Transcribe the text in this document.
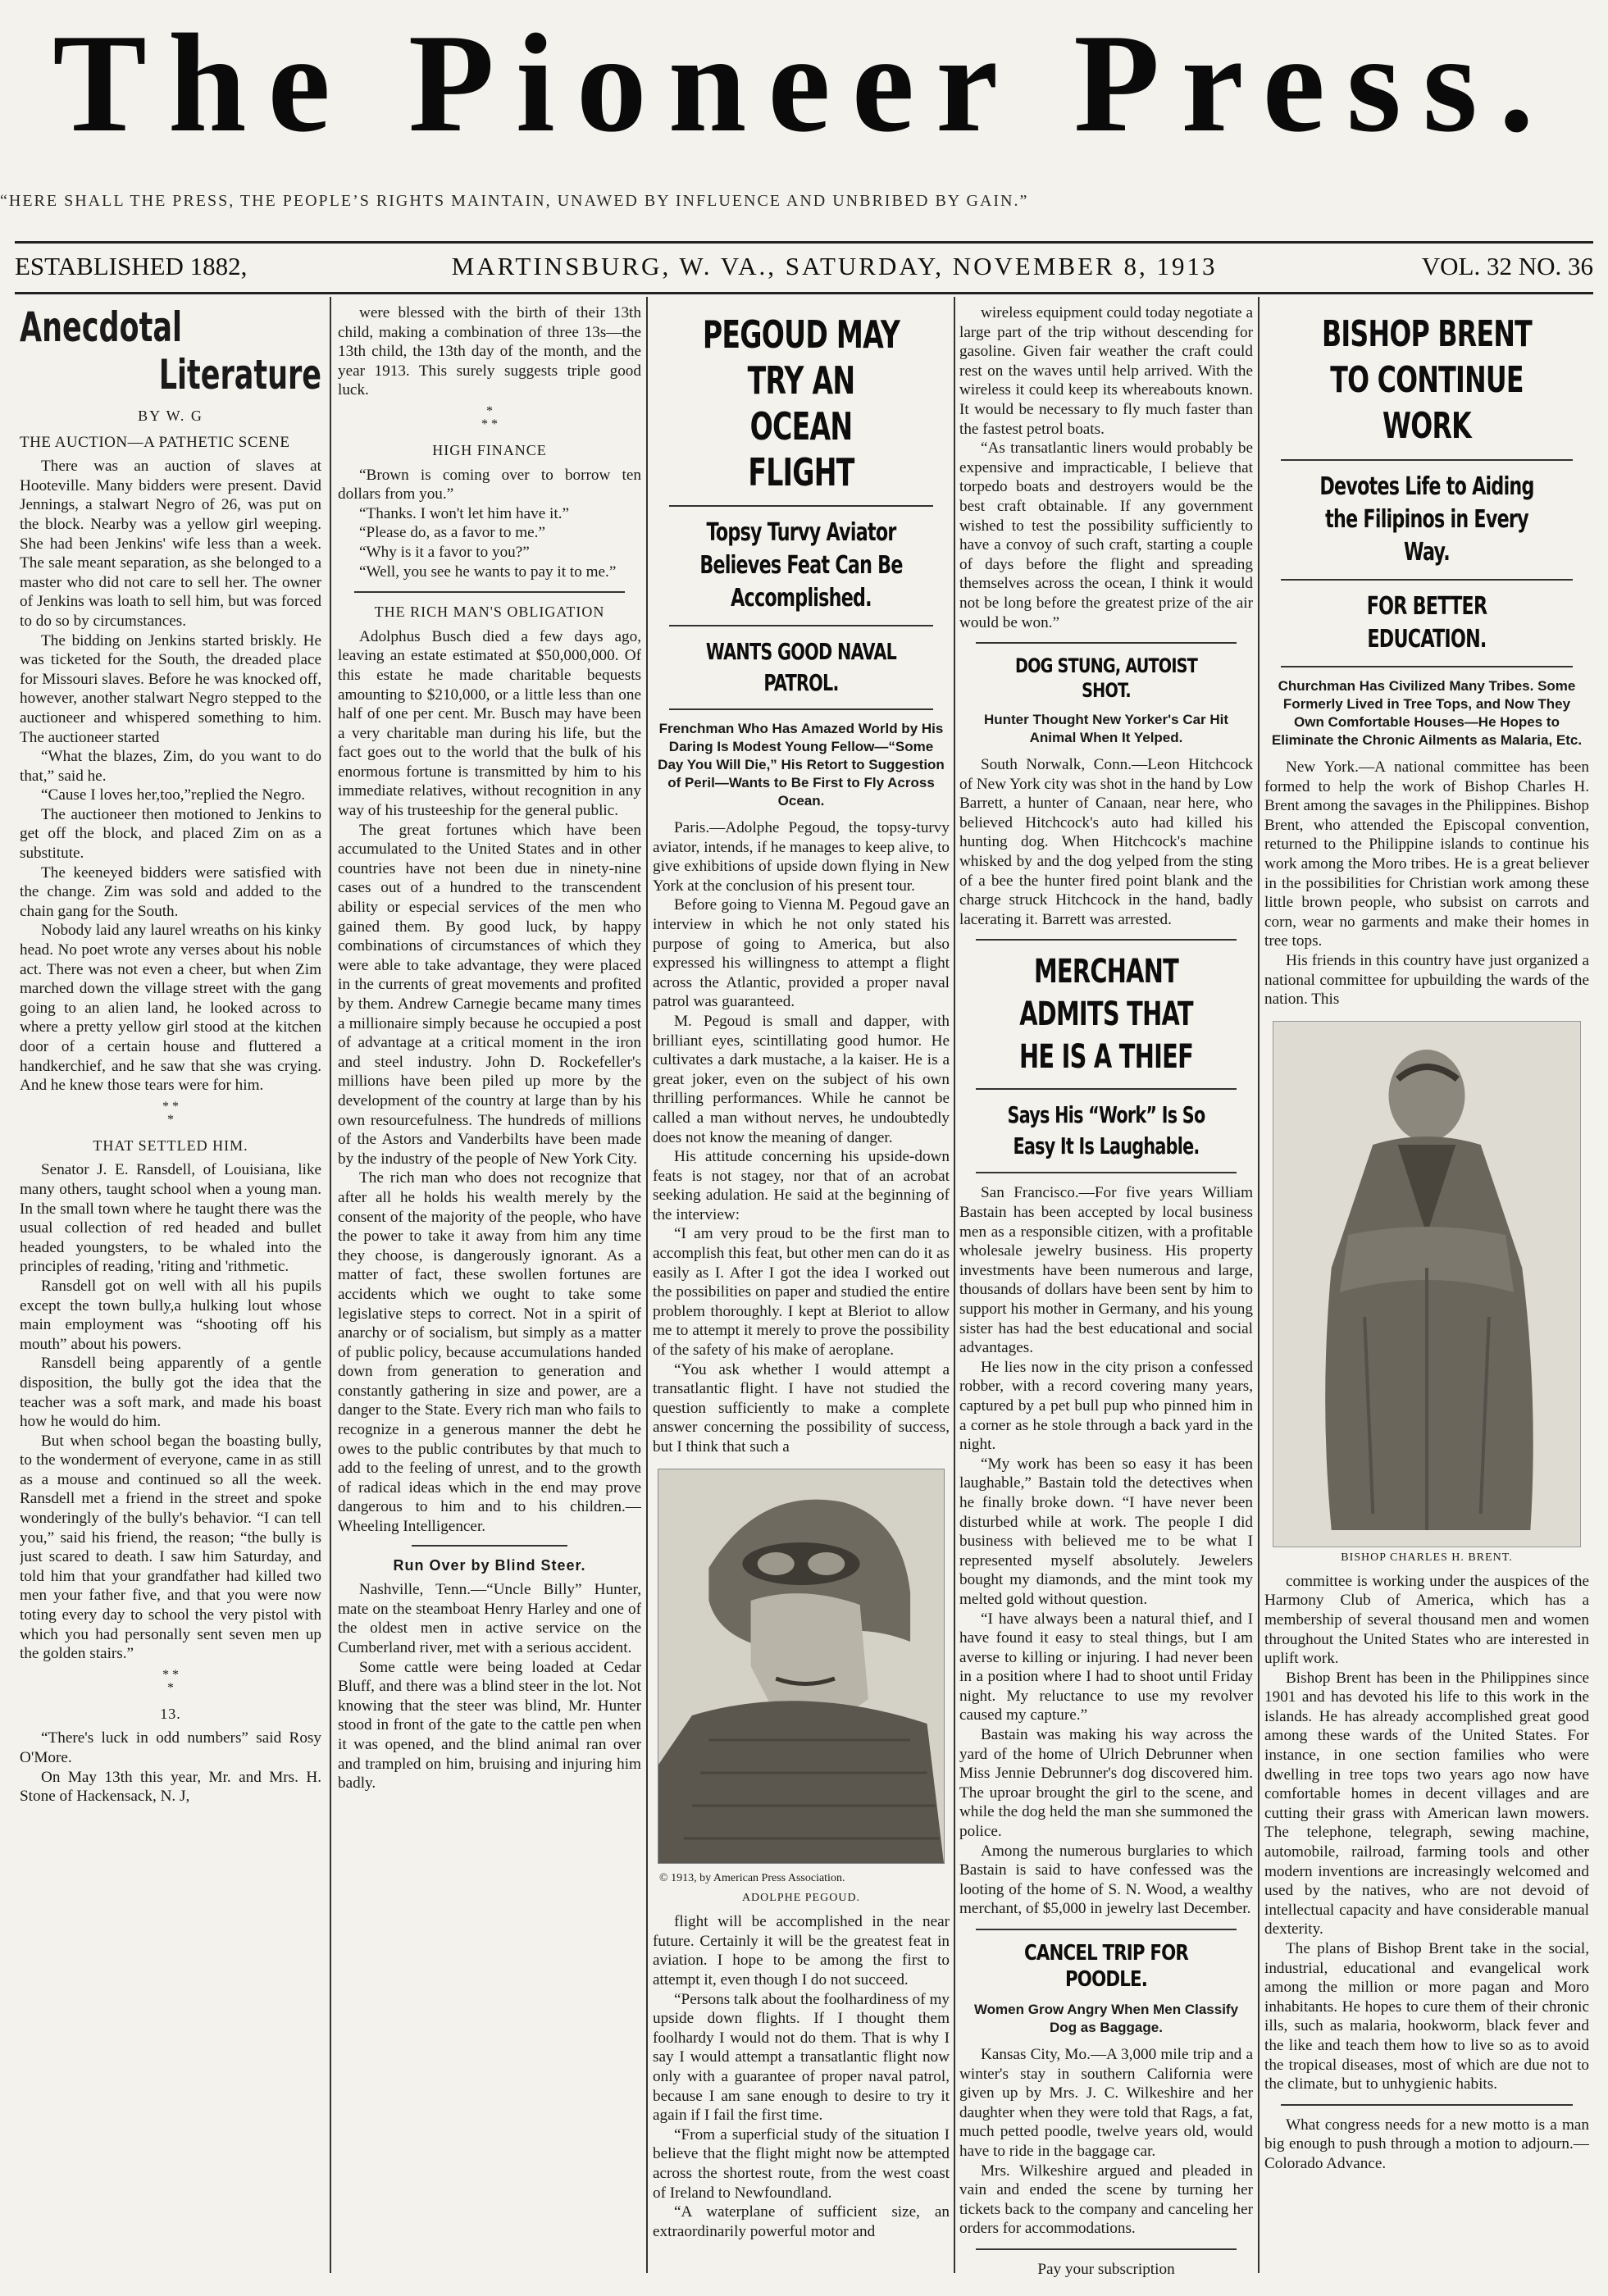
The Pioneer Press.
“HERE SHALL THE PRESS, THE PEOPLE’S RIGHTS MAINTAIN, UNAWED BY INFLUENCE AND UNBRIBED BY GAIN.”
ESTABLISHED 1882,	MARTINSBURG, W. VA., SATURDAY, NOVEMBER 8, 1913	VOL. 32 NO. 36
Anecdotal
Literature
BY W. G
THE AUCTION—A PATHETIC SCENE

There was an auction of slaves at Hooteville. Many bidders were present. David Jennings, a stalwart Negro of 26, was put on the block. Nearby was a yellow girl weeping. She had been Jenkins' wife less than a week. The sale meant separation, as she belonged to a master who did not care to sell her. The owner of Jenkins was loath to sell him, but was forced to do so by circumstances.

The bidding on Jenkins started briskly. He was ticketed for the South, the dreaded place for Missouri slaves. Before he was knocked off, however, another stalwart Negro stepped to the auctioneer and whispered something to him. The auctioneer started

“What the blazes, Zim, do you want to do that,” said he.

“Cause I loves her,too,”replied the Negro.

The auctioneer then motioned to Jenkins to get off the block, and placed Zim on as a substitute.

The keeneyed bidders were satisfied with the change. Zim was sold and added to the chain gang for the South.

Nobody laid any laurel wreaths on his kinky head. No poet wrote any verses about his noble act. There was not even a cheer, but when Zim marched down the village street with the gang going to an alien land, he looked across to where a pretty yellow girl stood at the kitchen door of a certain house and fluttered a handkerchief, and he saw that she was crying. And he knew those tears were for him.

* *
*
THAT SETTLED HIM.

Senator J. E. Ransdell, of Louisiana, like many others, taught school when a young man. In the small town where he taught there was the usual collection of red headed and bullet headed youngsters, to be whaled into the principles of reading, 'riting and 'rithmetic.

Ransdell got on well with all his pupils except the town bully,a hulking lout whose main employment was “shooting off his mouth” about his powers.

Ransdell being apparently of a gentle disposition, the bully got the idea that the teacher was a soft mark, and made his boast how he would do him.

But when school began the boasting bully, to the wonderment of everyone, came in as still as a mouse and continued so all the week. Ransdell met a friend in the street and spoke wonderingly of the bully's behavior. “I can tell you,” said his friend, the reason; “the bully is just scared to death. I saw him Saturday, and told him that your grandfather had killed two men your father five, and that you were now toting every day to school the very pistol with which you had personally sent seven men up the golden stairs.”

* *
*
13.

“There's luck in odd numbers” said Rosy O'More.

On May 13th this year, Mr. and Mrs. H. Stone of Hackensack, N. J,

were blessed with the birth of their 13th child, making a combination of three 13s—the 13th child, the 13th day of the month, and the year 1913. This surely suggests triple good luck.

*
* *
HIGH FINANCE

“Brown is coming over to borrow ten dollars from you.”

“Thanks. I won't let him have it.”

“Please do, as a favor to me.”

“Why is it a favor to you?”

“Well, you see he wants to pay it to me.”

THE RICH MAN'S OBLIGATION

Adolphus Busch died a few days ago, leaving an estate estimated at $50,000,000. Of this estate he made charitable bequests amounting to $210,000, or a little less than one half of one per cent. Mr. Busch may have been a very charitable man during his life, but the fact goes out to the world that the bulk of his enormous fortune is transmitted by him to his immediate relatives, without recognition in any way of his trusteeship for the general public.

The great fortunes which have been accumulated to the United States and in other countries have not been due in ninety-nine cases out of a hundred to the transcendent ability or especial services of the men who gained them. By good luck, by happy combinations of circumstances of which they were able to take advantage, they were placed in the currents of great movements and profited by them. Andrew Carnegie became many times a millionaire simply because he occupied a post of advantage at a critical moment in the iron and steel industry. John D. Rockefeller's millions have been piled up more by the development of the country at large than by his own resourcefulness. The hundreds of millions of the Astors and Vanderbilts have been made by the industry of the people of New York City.

The rich man who does not recognize that after all he holds his wealth merely by the consent of the majority of the people, who have the power to take it away from him any time they choose, is dangerously ignorant. As a matter of fact, these swollen fortunes are accidents which we ought to take some legislative steps to correct. Not in a spirit of anarchy or of socialism, but simply as a matter of public policy, because accumulations handed down from generation to generation and constantly gathering in size and power, are a danger to the State. Every rich man who fails to recognize in a generous manner the debt he owes to the public contributes by that much to add to the feeling of unrest, and to the growth of radical ideas which in the end may prove dangerous to him and to his children.— Wheeling Intelligencer.

Run Over by Blind Steer.

Nashville, Tenn.—“Uncle Billy” Hunter, mate on the steamboat Henry Harley and one of the oldest men in active service on the Cumberland river, met with a serious accident.

Some cattle were being loaded at Cedar Bluff, and there was a blind steer in the lot. Not knowing that the steer was blind, Mr. Hunter stood in front of the gate to the cattle pen when it was opened, and the blind animal ran over and trampled on him, bruising and injuring him badly.

PEGOUD MAY TRY AN OCEAN FLIGHT
Topsy Turvy Aviator Believes Feat Can Be Accomplished.
WANTS GOOD NAVAL PATROL.
Frenchman Who Has Amazed World by His Daring Is Modest Young Fellow—“Some Day You Will Die,” His Retort to Suggestion of Peril—Wants to Be First to Fly Across Ocean.

Paris.—Adolphe Pegoud, the topsy-turvy aviator, intends, if he manages to keep alive, to give exhibitions of upside down flying in New York at the conclusion of his present tour.

Before going to Vienna M. Pegoud gave an interview in which he not only stated his purpose of going to America, but also expressed his willingness to attempt a flight across the Atlantic, provided a proper naval patrol was guaranteed.

M. Pegoud is small and dapper, with brilliant eyes, scintillating good humor. He cultivates a dark mustache, a la kaiser. He is a great joker, even on the subject of his own thrilling performances. While he cannot be called a man without nerves, he undoubtedly does not know the meaning of danger.

His attitude concerning his upside-down feats is not stagey, nor that of an acrobat seeking adulation. He said at the beginning of the interview:

“I am very proud to be the first man to accomplish this feat, but other men can do it as easily as I. After I got the idea I worked out the possibilities on paper and studied the entire problem thoroughly. I kept at Bleriot to allow me to attempt it merely to prove the possibility of the safety of his make of aeroplane.

“You ask whether I would attempt a transatlantic flight. I have not studied the question sufficiently to make a complete answer concerning the possibility of success, but I think that such a

© 1913, by American Press Association.
ADOLPHE PEGOUD.

flight will be accomplished in the near future. Certainly it will be the greatest feat in aviation. I hope to be among the first to attempt it, even though I do not succeed.

“Persons talk about the foolhardiness of my upside down flights. If I thought them foolhardy I would not do them. That is why I say I would attempt a transatlantic flight now only with a guarantee of proper naval patrol, because I am sane enough to desire to try it again if I fail the first time.

“From a superficial study of the situation I believe that the flight might now be attempted across the shortest route, from the west coast of Ireland to Newfoundland.

“A waterplane of sufficient size, an extraordinarily powerful motor and

wireless equipment could today negotiate a large part of the trip without descending for gasoline. Given fair weather the craft could rest on the waves until help arrived. With the wireless it could keep its whereabouts known. It would be necessary to fly much faster than the fastest petrol boats.

“As transatlantic liners would probably be expensive and impracticable, I believe that torpedo boats and destroyers would be the best craft obtainable. If any government wished to test the possibility sufficiently to have a convoy of such craft, starting a couple of days before the flight and spreading themselves across the ocean, I think it would not be long before the greatest prize of the air would be won.”

DOG STUNG, AUTOIST SHOT.
Hunter Thought New Yorker's Car Hit Animal When It Yelped.

South Norwalk, Conn.—Leon Hitchcock of New York city was shot in the hand by Low Barrett, a hunter of Canaan, near here, who believed Hitchcock's auto had killed his hunting dog. When Hitchcock's machine whisked by and the dog yelped from the sting of a bee the hunter fired point blank and the charge struck Hitchcock in the hand, badly lacerating it. Barrett was arrested.

MERCHANT ADMITS THAT HE IS A THIEF
Says His “Work” Is So Easy It Is Laughable.

San Francisco.—For five years William Bastain has been accepted by local business men as a responsible citizen, with a profitable wholesale jewelry business. His property investments have been numerous and large, thousands of dollars have been sent by him to support his mother in Germany, and his young sister has had the best educational and social advantages.

He lies now in the city prison a confessed robber, with a record covering many years, captured by a pet bull pup who pinned him in a corner as he stole through a back yard in the night.

“My work has been so easy it has been laughable,” Bastain told the detectives when he finally broke down. “I have never been disturbed while at work. The people I did business with believed me to be what I represented myself absolutely. Jewelers bought my diamonds, and the mint took my melted gold without question.

“I have always been a natural thief, and I have found it easy to steal things, but I am averse to killing or injuring. I had never been in a position where I had to shoot until Friday night. My reluctance to use my revolver caused my capture.”

Bastain was making his way across the yard of the home of Ulrich Debrunner when Miss Jennie Debrunner's dog discovered him. The uproar brought the girl to the scene, and while the dog held the man she summoned the police.

Among the numerous burglaries to which Bastain is said to have confessed was the looting of the home of S. N. Wood, a wealthy merchant, of $5,000 in jewelry last December.

CANCEL TRIP FOR POODLE.
Women Grow Angry When Men Classify Dog as Baggage.

Kansas City, Mo.—A 3,000 mile trip and a winter's stay in southern California were given up by Mrs. J. C. Wilkeshire and her daughter when they were told that Rags, a fat, much petted poodle, twelve years old, would have to ride in the baggage car.

Mrs. Wilkeshire argued and pleaded in vain and ended the scene by turning her tickets back to the company and canceling her orders for accommodations.

Pay your subscription
BISHOP BRENT TO CONTINUE WORK
Devotes Life to Aiding the Filipinos in Every Way.
FOR BETTER EDUCATION.
Churchman Has Civilized Many Tribes. Some Formerly Lived in Tree Tops, and Now They Own Comfortable Houses—He Hopes to Eliminate the Chronic Ailments as Malaria, Etc.

New York.—A national committee has been formed to help the work of Bishop Charles H. Brent among the savages in the Philippines. Bishop Brent, who attended the Episcopal convention, returned to the Philippine islands to continue his work among the Moro tribes. He is a great believer in the possibilities for Christian work among these little brown people, who subsist on carrots and corn, wear no garments and make their homes in tree tops.

His friends in this country have just organized a national committee for upbuilding the wards of the nation. This

BISHOP CHARLES H. BRENT.

committee is working under the auspices of the Harmony Club of America, which has a membership of several thousand men and women throughout the United States who are interested in uplift work.

Bishop Brent has been in the Philippines since 1901 and has devoted his life to this work in the islands. He has already accomplished great good among these wards of the United States. For instance, in one section families who were dwelling in tree tops two years ago now have comfortable homes in decent villages and are cutting their grass with American lawn mowers. The telephone, telegraph, sewing machine, automobile, railroad, farming tools and other modern inventions are increasingly welcomed and used by the natives, who are not devoid of intellectual capacity and have considerable manual dexterity.

The plans of Bishop Brent take in the social, industrial, educational and evangelical work among the million or more pagan and Moro inhabitants. He hopes to cure them of their chronic ills, such as malaria, hookworm, black fever and the like and teach them how to live so as to avoid the tropical diseases, most of which are due not to the climate, but to unhygienic habits.

What congress needs for a new motto is a man big enough to push through a motion to adjourn.—Colorado Advance.
